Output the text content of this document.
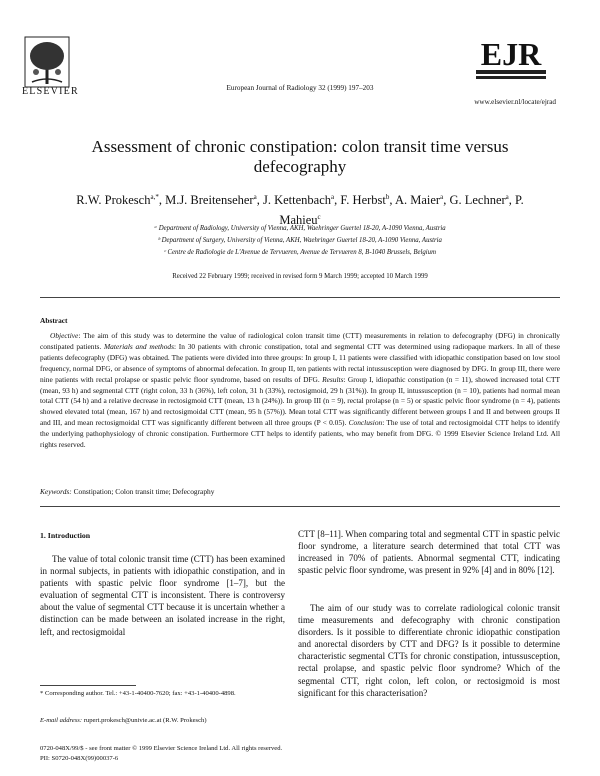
ELSEVIER	European Journal of Radiology 32 (1999) 197–203
EJR
www.elsevier.nl/locate/ejrad
Assessment of chronic constipation: colon transit time versus defecography
R.W. Prokesch$^{a,*}$, M.J. Breitenseher$^a$, J. Kettenbach$^a$, F. Herbst$^b$, A. Maier$^a$, G. Lechner$^a$, P. Mahieu$^c$
ᵃ Department of Radiology, University of Vienna, AKH, Waehringer Guertel 18-20, A-1090 Vienna, Austria
ᵇ Department of Surgery, University of Vienna, AKH, Waehringer Guertel 18-20, A-1090 Vienna, Austria
ᶜ Centre de Radiologie de L'Avenue de Tervueren, Avenue de Tervueren 8, B-1040 Brussels, Belgium
Received 22 February 1999; received in revised form 9 March 1999; accepted 10 March 1999
Abstract
Objective: The aim of this study was to determine the value of radiological colon transit time (CTT) measurements in relation to defecography (DFG) in chronically constipated patients. Materials and methods: In 30 patients with chronic constipation, total and segmental CTT was determined using radiopaque markers. In all of these patients defecography (DFG) was obtained. The patients were divided into three groups: In group I, 11 patients were classified with idiopathic constipation based on low stool frequency, normal DFG, or absence of symptoms of abnormal defecation. In group II, ten patients with rectal intussusception were diagnosed by DFG. In group III, there were nine patients with rectal prolapse or spastic pelvic floor syndrome, based on results of DFG. Results: Group I, idiopathic constipation (n = 11), showed increased total CTT (mean, 93 h) and segmental CTT (right colon, 33 h (36%), left colon, 31 h (33%), rectosigmoid, 29 h (31%)). In group II, intussusception (n = 10), patients had normal mean total CTT (54 h) and a relative decrease in rectosigmoid CTT (mean, 13 h (24%)). In group III (n = 9), rectal prolapse (n = 5) or spastic pelvic floor syndrome (n = 4), patients showed elevated total (mean, 167 h) and rectosigmoidal CTT (mean, 95 h (57%)). Mean total CTT was significantly different between groups I and II and between groups II and III, and mean rectosigmoidal CTT was significantly different between all three groups (P < 0.05). Conclusion: The use of total and rectosigmoidal CTT helps to identify the underlying pathophysiology of chronic constipation. Furthermore CTT helps to identify patients, who may benefit from DFG. © 1999 Elsevier Science Ireland Ltd. All rights reserved.
Keywords: Constipation; Colon transit time; Defecography
1. Introduction
The value of total colonic transit time (CTT) has been examined in normal subjects, in patients with idiopathic constipation, and in patients with spastic pelvic floor syndrome [1–7], but the evaluation of segmental CTT is inconsistent. There is controversy about the value of segmental CTT because it is uncertain whether a distinction can be made between an isolated increase in the right, left, and rectosigmoidal
CTT [8–11]. When comparing total and segmental CTT in spastic pelvic floor syndrome, a literature search determined that total CTT was increased in 70% of patients. Abnormal segmental CTT, indicating spastic pelvic floor syndrome, was present in 92% [4] and in 80% [12].
The aim of our study was to correlate radiological colonic transit time measurements and defecography with chronic constipation disorders. Is it possible to differentiate chronic idiopathic constipation and anorectal disorders by CTT and DFG? Is it possible to determine characteristic segmental CTTs for chronic constipation, intussusception, rectal prolapse, and spastic pelvic floor syndrome? Which of the segmental CTT, right colon, left colon, or rectosigmoid is most significant for this characterisation?
* Corresponding author. Tel.: +43-1-40400-7620; fax: +43-1-40400-4898.
E-mail address: rupert.prokesch@univie.ac.at (R.W. Prokesch)
0720-048X/99/$ - see front matter © 1999 Elsevier Science Ireland Ltd. All rights reserved.
PII: S0720-048X(99)00037-6
